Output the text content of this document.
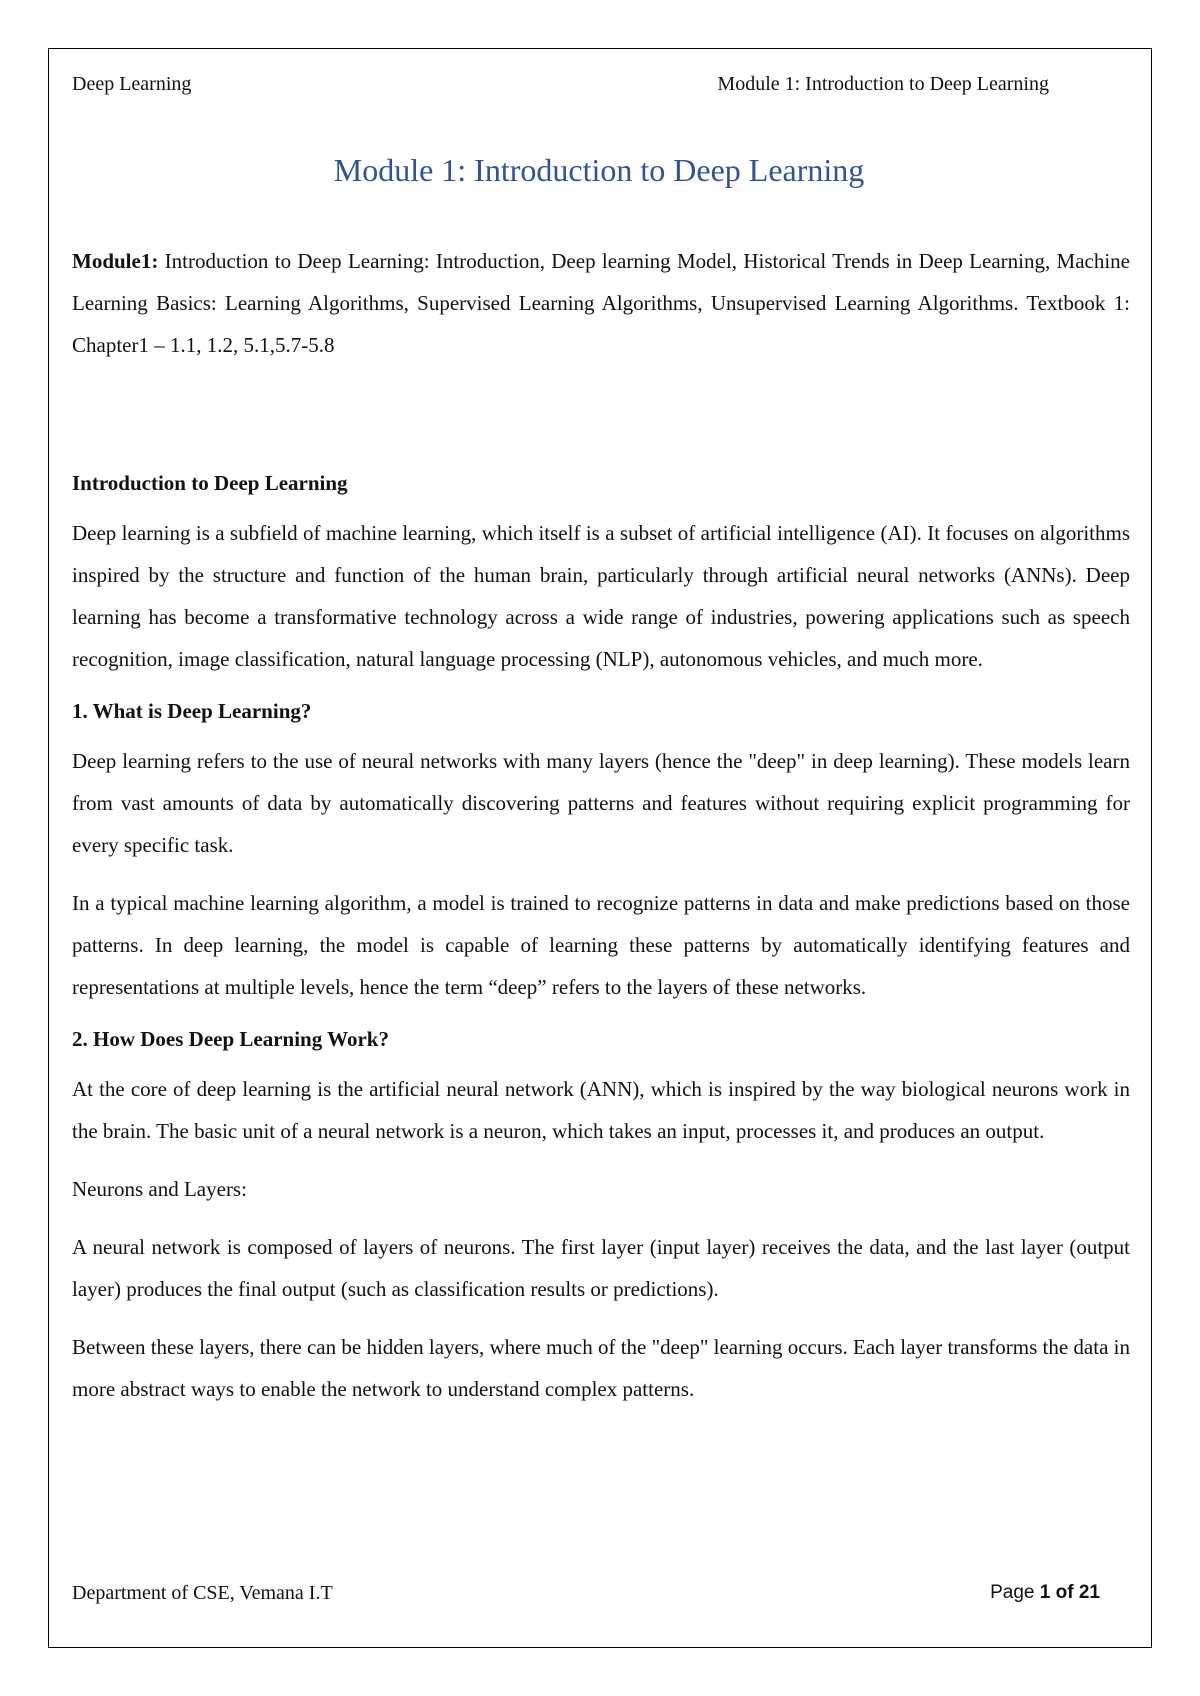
Deep Learning	Module 1: Introduction to Deep Learning
Module 1: Introduction to Deep Learning

Module1: Introduction to Deep Learning: Introduction, Deep learning Model, Historical Trends in Deep Learning, Machine Learning Basics: Learning Algorithms, Supervised Learning Algorithms, Unsupervised Learning Algorithms. Textbook 1: Chapter1 – 1.1, 1.2, 5.1,5.7-5.8

Introduction to Deep Learning

Deep learning is a subfield of machine learning, which itself is a subset of artificial intelligence (AI). It focuses on algorithms inspired by the structure and function of the human brain, particularly through artificial neural networks (ANNs). Deep learning has become a transformative technology across a wide range of industries, powering applications such as speech recognition, image classification, natural language processing (NLP), autonomous vehicles, and much more.

1. What is Deep Learning?

Deep learning refers to the use of neural networks with many layers (hence the "deep" in deep learning). These models learn from vast amounts of data by automatically discovering patterns and features without requiring explicit programming for every specific task.

In a typical machine learning algorithm, a model is trained to recognize patterns in data and make predictions based on those patterns. In deep learning, the model is capable of learning these patterns by automatically identifying features and representations at multiple levels, hence the term “deep” refers to the layers of these networks.

2. How Does Deep Learning Work?

At the core of deep learning is the artificial neural network (ANN), which is inspired by the way biological neurons work in the brain. The basic unit of a neural network is a neuron, which takes an input, processes it, and produces an output.

Neurons and Layers:

A neural network is composed of layers of neurons. The first layer (input layer) receives the data, and the last layer (output layer) produces the final output (such as classification results or predictions).

Between these layers, there can be hidden layers, where much of the "deep" learning occurs. Each layer transforms the data in more abstract ways to enable the network to understand complex patterns.

Department of CSE, Vemana I.T	Page 1 of 21
